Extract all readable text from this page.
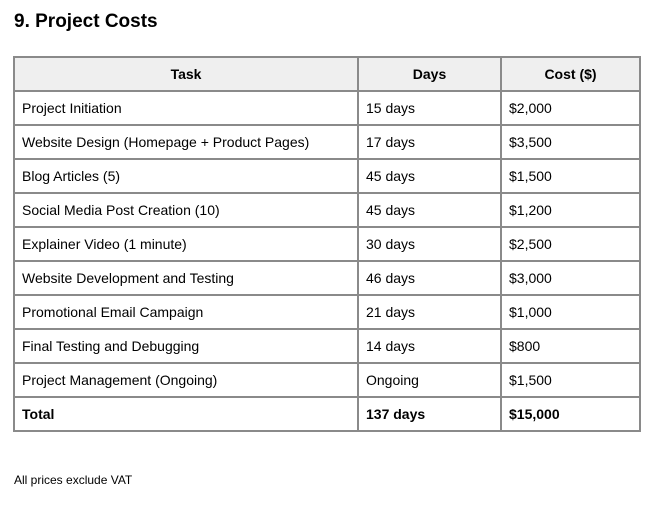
9. Project Costs
Task	Days	Cost ($)
Project Initiation	15 days	$2,000
Website Design (Homepage + Product Pages)	17 days	$3,500
Blog Articles (5)	45 days	$1,500
Social Media Post Creation (10)	45 days	$1,200
Explainer Video (1 minute)	30 days	$2,500
Website Development and Testing	46 days	$3,000
Promotional Email Campaign	21 days	$1,000
Final Testing and Debugging	14 days	$800
Project Management (Ongoing)	Ongoing	$1,500
Total	137 days	$15,000

All prices exclude VAT
